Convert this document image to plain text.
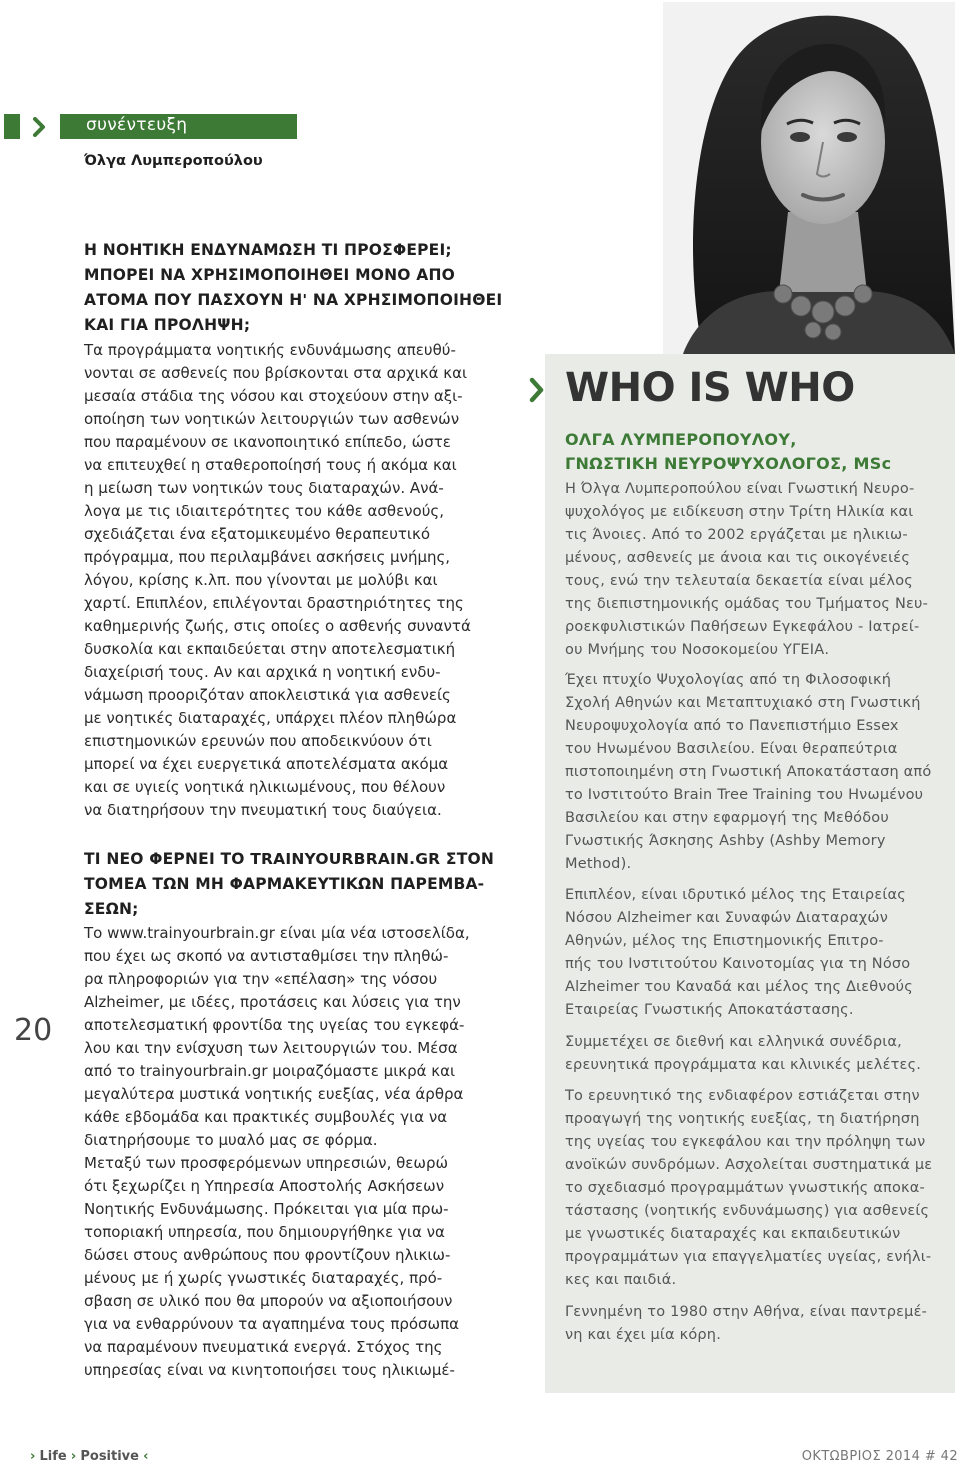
συνέντευξη
Όλγα Λυμπεροπούλου
20
Η ΝΟΗΤΙΚΗ ΕΝΔΥΝΑΜΩΣΗ ΤΙ ΠΡΟΣΦΕΡΕΙ;
ΜΠΟΡΕΙ ΝΑ ΧΡΗΣΙΜΟΠΟΙΗΘΕΙ ΜΟΝΟ ΑΠΟ
ΑΤΟΜΑ ΠΟΥ ΠΑΣΧΟΥΝ Η' ΝΑ ΧΡΗΣΙΜΟΠΟΙΗΘΕΙ
ΚΑΙ ΓΙΑ ΠΡΟΛΗΨΗ;
Τα προγράμματα νοητικής ενδυνάμωσης απευθύ-
νονται σε ασθενείς που βρίσκονται στα αρχικά και
μεσαία στάδια της νόσου και στοχεύουν στην αξι-
οποίηση των νοητικών λειτουργιών των ασθενών
που παραμένουν σε ικανοποιητικό επίπεδο, ώστε
να επιτευχθεί η σταθεροποίησή τους ή ακόμα και
η μείωση των νοητικών τους διαταραχών. Ανά-
λογα με τις ιδιαιτερότητες του κάθε ασθενούς,
σχεδιάζεται ένα εξατομικευμένο θεραπευτικό
πρόγραμμα, που περιλαμβάνει ασκήσεις μνήμης,
λόγου, κρίσης κ.λπ. που γίνονται με μολύβι και
χαρτί. Επιπλέον, επιλέγονται δραστηριότητες της
καθημερινής ζωής, στις οποίες ο ασθενής συναντά
δυσκολία και εκπαιδεύεται στην αποτελεσματική
διαχείρισή τους. Αν και αρχικά η νοητική ενδυ-
νάμωση προοριζόταν αποκλειστικά για ασθενείς
με νοητικές διαταραχές, υπάρχει πλέον πληθώρα
επιστημονικών ερευνών που αποδεικνύουν ότι
μπορεί να έχει ευεργετικά αποτελέσματα ακόμα
και σε υγιείς νοητικά ηλικιωμένους, που θέλουν
να διατηρήσουν την πνευματική τους διαύγεια.
ΤΙ ΝΕΟ ΦΕΡΝΕΙ ΤΟ TRAINYOURBRAIN.GR ΣΤΟΝ
ΤΟΜΕΑ ΤΩΝ ΜΗ ΦΑΡΜΑΚΕΥΤΙΚΩΝ ΠΑΡΕΜΒΑ-
ΣΕΩΝ;
Το www.trainyourbrain.gr είναι μία νέα ιστοσελίδα,
που έχει ως σκοπό να αντισταθμίσει την πληθώ-
ρα πληροφοριών για την «επέλαση» της νόσου
Alzheimer, με ιδέες, προτάσεις και λύσεις για την
αποτελεσματική φροντίδα της υγείας του εγκεφά-
λου και την ενίσχυση των λειτουργιών του. Μέσα
από το trainyourbrain.gr μοιραζόμαστε μικρά και
μεγαλύτερα μυστικά νοητικής ευεξίας, νέα άρθρα
κάθε εβδομάδα και πρακτικές συμβουλές για να
διατηρήσουμε το μυαλό μας σε φόρμα.
Μεταξύ των προσφερόμενων υπηρεσιών, θεωρώ
ότι ξεχωρίζει η Υπηρεσία Αποστολής Ασκήσεων
Νοητικής Ενδυνάμωσης. Πρόκειται για μία πρω-
τοποριακή υπηρεσία, που δημιουργήθηκε για να
δώσει στους ανθρώπους που φροντίζουν ηλικιω-
μένους με ή χωρίς γνωστικές διαταραχές, πρό-
σβαση σε υλικό που θα μπορούν να αξιοποιήσουν
για να ενθαρρύνουν τα αγαπημένα τους πρόσωπα
να παραμένουν πνευματικά ενεργά. Στόχος της
υπηρεσίας είναι να κινητοποιήσει τους ηλικιωμέ-
WHO IS WHO
ΟΛΓΑ ΛΥΜΠΕΡΟΠΟΥΛΟΥ,
ΓΝΩΣΤΙΚΗ ΝΕΥΡΟΨΥΧΟΛΟΓΟΣ, MSc
Η Όλγα Λυμπεροπούλου είναι Γνωστική Νευρο-
ψυχολόγος με ειδίκευση στην Τρίτη Ηλικία και
τις Άνοιες. Από το 2002 εργάζεται με ηλικιω-
μένους, ασθενείς με άνοια και τις οικογένειές
τους, ενώ την τελευταία δεκαετία είναι μέλος
της διεπιστημονικής ομάδας του Τμήματος Νευ-
ροεκφυλιστικών Παθήσεων Εγκεφάλου - Ιατρεί-
ου Μνήμης του Νοσοκομείου ΥΓΕΙΑ.
Έχει πτυχίο Ψυχολογίας από τη Φιλοσοφική
Σχολή Αθηνών και Μεταπτυχιακό στη Γνωστική
Νευροψυχολογία από το Πανεπιστήμιο Essex
του Ηνωμένου Βασιλείου. Είναι θεραπεύτρια
πιστοποιημένη στη Γνωστική Αποκατάσταση από
το Ινστιτούτο Brain Tree Training του Ηνωμένου
Βασιλείου και στην εφαρμογή της Μεθόδου
Γνωστικής Άσκησης Ashby (Ashby Memory
Method).
Επιπλέον, είναι ιδρυτικό μέλος της Εταιρείας
Νόσου Alzheimer και Συναφών Διαταραχών
Αθηνών, μέλος της Επιστημονικής Επιτρο-
πής του Ινστιτούτου Καινοτομίας για τη Νόσο
Alzheimer του Καναδά και μέλος της Διεθνούς
Εταιρείας Γνωστικής Αποκατάστασης.
Συμμετέχει σε διεθνή και ελληνικά συνέδρια,
ερευνητικά προγράμματα και κλινικές μελέτες.
Το ερευνητικό της ενδιαφέρον εστιάζεται στην
προαγωγή της νοητικής ευεξίας, τη διατήρηση
της υγείας του εγκεφάλου και την πρόληψη των
ανοϊκών συνδρόμων. Ασχολείται συστηματικά με
το σχεδιασμό προγραμμάτων γνωστικής αποκα-
τάστασης (νοητικής ενδυνάμωσης) για ασθενείς
με γνωστικές διαταραχές και εκπαιδευτικών
προγραμμάτων για επαγγελματίες υγείας, ενήλι-
κες και παιδιά.
Γεννημένη το 1980 στην Αθήνα, είναι παντρεμέ-
νη και έχει μία κόρη.
› Life › Positive ‹	ΟΚΤΩΒΡΙΟΣ 2014 # 42
